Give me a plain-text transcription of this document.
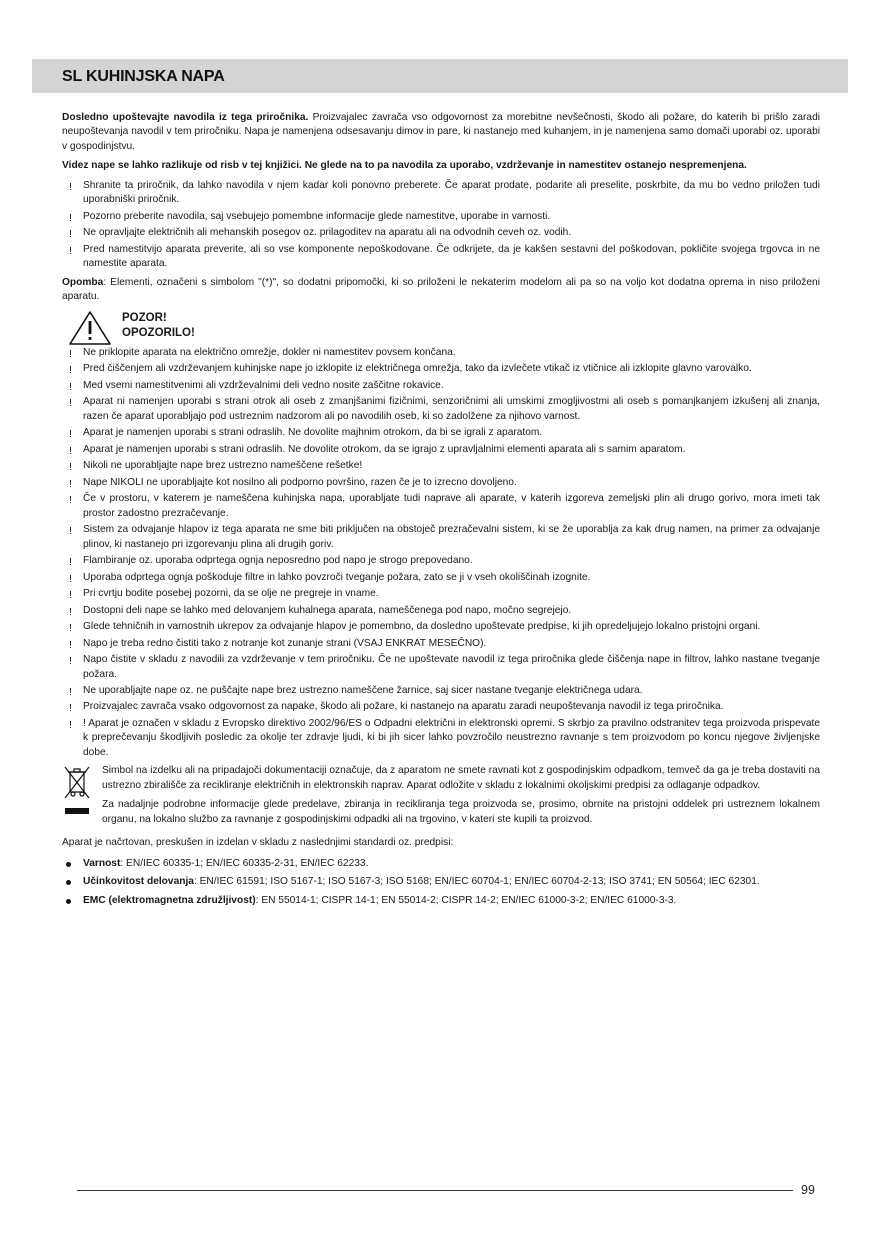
SL KUHINJSKA NAPA

Dosledno upoštevajte navodila iz tega priročnika. Proizvajalec zavrača vso odgovornost za morebitne nevšečnosti, škodo ali požare, do katerih bi prišlo zaradi neupoštevanja navodil v tem priročniku. Napa je namenjena odsesavanju dimov in pare, ki nastanejo med kuhanjem, in je namenjena samo domači uporabi oz. uporabi v gospodinjstvu.

Videz nape se lahko razlikuje od risb v tej knjižici. Ne glede na to pa navodila za uporabo, vzdrževanje in namestitev ostanejo nespremenjena.

! Shranite ta priročnik, da lahko navodila v njem kadar koli ponovno preberete. Če aparat prodate, podarite ali preselite, poskrbite, da mu bo vedno priložen tudi uporabniški priročnik.
! Pozorno preberite navodila, saj vsebujejo pomembne informacije glede namestitve, uporabe in varnosti.
! Ne opravljajte električnih ali mehanskih posegov oz. prilagoditev na aparatu ali na odvodnih ceveh oz. vodih.
! Pred namestitvijo aparata preverite, ali so vse komponente nepoškodovane. Če odkrijete, da je kakšen sestavni del poškodovan, pokličite svojega trgovca in ne namestite aparata.

Opomba: Elementi, označeni s simbolom "(*)", so dodatni pripomočki, ki so priloženi le nekaterim modelom ali pa so na voljo kot dodatna oprema in niso priloženi aparatu.

POZOR!
OPOZORILO!
! Ne priklopite aparata na električno omrežje, dokler ni namestitev povsem končana.
! Pred čiščenjem ali vzdrževanjem kuhinjske nape jo izklopite iz električnega omrežja, tako da izvlečete vtikač iz vtičnice ali izklopite glavno varovalko.
! Med vsemi namestitvenimi ali vzdrževalnimi deli vedno nosite zaščitne rokavice.
! Aparat ni namenjen uporabi s strani otrok ali oseb z zmanjšanimi fizičnimi, senzoričnimi ali umskimi zmogljivostmi ali oseb s pomanjkanjem izkušenj ali znanja, razen če aparat uporabljajo pod ustreznim nadzorom ali po navodilih oseb, ki so zadolžene za njihovo varnost.
! Aparat je namenjen uporabi s strani odraslih. Ne dovolite majhnim otrokom, da bi se igrali z aparatom.
! Aparat je namenjen uporabi s strani odraslih. Ne dovolite otrokom, da se igrajo z upravljalnimi elementi aparata ali s samim aparatom.
! Nikoli ne uporabljajte nape brez ustrezno nameščene rešetke!
! Nape NIKOLI ne uporabljajte kot nosilno ali podporno površino, razen če je to izrecno dovoljeno.
! Če v prostoru, v katerem je nameščena kuhinjska napa, uporabljate tudi naprave ali aparate, v katerih izgoreva zemeljski plin ali drugo gorivo, mora imeti tak prostor zadostno prezračevanje.
! Sistem za odvajanje hlapov iz tega aparata ne sme biti priključen na obstoječ prezračevalni sistem, ki se že uporablja za kak drug namen, na primer za odvajanje plinov, ki nastanejo pri izgorevanju plina ali drugih goriv.
! Flambiranje oz. uporaba odprtega ognja neposredno pod napo je strogo prepovedano.
! Uporaba odprtega ognja poškoduje filtre in lahko povzroči tveganje požara, zato se ji v vseh okoliščinah izognite.
! Pri cvrtju bodite posebej pozorni, da se olje ne pregreje in vname.
! Dostopni deli nape se lahko med delovanjem kuhalnega aparata, nameščenega pod napo, močno segrejejo.
! Glede tehničnih in varnostnih ukrepov za odvajanje hlapov je pomembno, da dosledno upoštevate predpise, ki jih opredeljujejo lokalno pristojni organi.
! Napo je treba redno čistiti tako z notranje kot zunanje strani (VSAJ ENKRAT MESEČNO).
! Napo čistite v skladu z navodili za vzdrževanje v tem priročniku. Če ne upoštevate navodil iz tega priročnika glede čiščenja nape in filtrov, lahko nastane tveganje požara.
! Ne uporabljajte nape oz. ne puščajte nape brez ustrezno nameščene žarnice, saj sicer nastane tveganje električnega udara.
! Proizvajalec zavrača vsako odgovornost za napake, škodo ali požare, ki nastanejo na aparatu zaradi neupoštevanja navodil iz tega priročnika.
! ! Aparat je označen v skladu z Evropsko direktivo 2002/96/ES o Odpadni električni in elektronski opremi. S skrbjo za pravilno odstranitev tega proizvoda prispevate k preprečevanju škodljivih posledic za okolje ter zdravje ljudi, ki bi jih sicer lahko povzročilo neustrezno ravnanje s tem proizvodom po koncu njegove življenjske dobe.

Simbol na izdelku ali na pripadajoči dokumentaciji označuje, da z aparatom ne smete ravnati kot z gospodinjskim odpadkom, temveč da ga je treba dostaviti na ustrezno zbirališče za recikliranje električnih in elektronskih naprav. Aparat odložite v skladu z lokalnimi okoljskimi predpisi za odlaganje odpadkov.

Za nadaljnje podrobne informacije glede predelave, zbiranja in recikliranja tega proizvoda se, prosimo, obrnite na pristojni oddelek pri ustreznem lokalnem organu, na lokalno službo za ravnanje z gospodinjskimi odpadki ali na trgovino, v kateri ste kupili ta proizvod.

Aparat je načrtovan, preskušen in izdelan v skladu z naslednjimi standardi oz. predpisi:

Varnost: EN/IEC 60335-1; EN/IEC 60335-2-31, EN/IEC 62233.
Učinkovitost delovanja: EN/IEC 61591; ISO 5167-1; ISO 5167-3; ISO 5168; EN/IEC 60704-1; EN/IEC 60704-2-13; ISO 3741; EN 50564; IEC 62301.
EMC (elektromagnetna združljivost): EN 55014-1; CISPR 14-1; EN 55014-2; CISPR 14-2; EN/IEC 61000-3-2; EN/IEC 61000-3-3.
99
